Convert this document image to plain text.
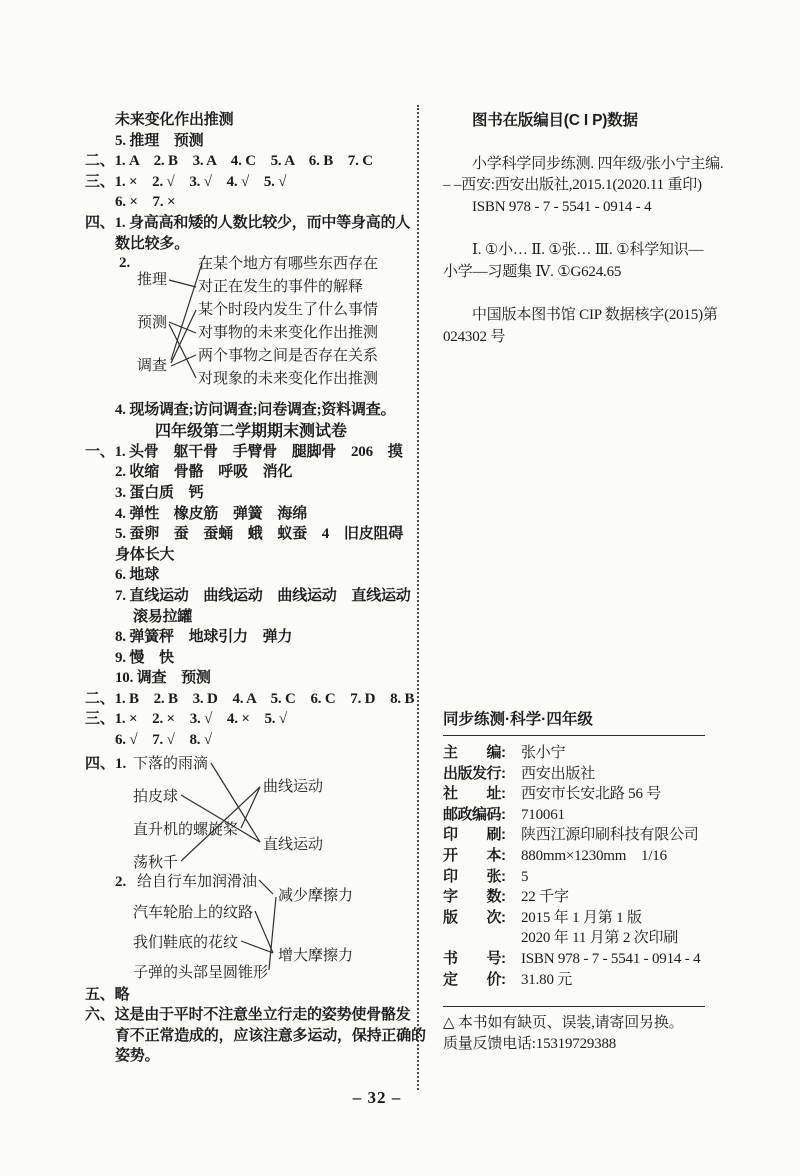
未来变化作出推测
5. 推理　预测
二、1. A　2. B　3. A　4. C　5. A　6. B　7. C
三、1. ×　2. √　3. √　4. √　5. √
6. ×　7. ×
四、1. 身高高和矮的人数比较少，而中等身高的人
数比较多。
2.
推理
预测
调查
在某个地方有哪些东西存在
对正在发生的事件的解释
某个时段内发生了什么事情
对事物的未来变化作出推测
两个事物之间是否存在关系
对现象的未来变化作出推测
4. 现场调查;访问调查;问卷调查;资料调查。
四年级第二学期期末测试卷
一、1. 头骨　躯干骨　手臂骨　腿脚骨　206　摸
2. 收缩　骨骼　呼吸　消化
3. 蛋白质　钙
4. 弹性　橡皮筋　弹簧　海绵
5. 蚕卵　蚕　蚕蛹　蛾　蚁蚕　4　旧皮阻碍
身体长大
6. 地球
7. 直线运动　曲线运动　曲线运动　直线运动
滚易拉罐
8. 弹簧秤　地球引力　弹力
9. 慢　快
10. 调查　预测
二、1. B　2. B　3. D　4. A　5. C　6. C　7. D　8. B
三、1. ×　2. ×　3. √　4. ×　5. √
6. √　7. √　8. √
四、1. 下落的雨滴
拍皮球
直升机的螺旋桨
荡秋千
曲线运动
直线运动
2. 给自行车加润滑油
汽车轮胎上的纹路
我们鞋底的花纹
子弹的头部呈圆锥形
减少摩擦力
增大摩擦力
五、略
六、这是由于平时不注意坐立行走的姿势使骨骼发
育不正常造成的，应该注意多运动，保持正确的
姿势。
图书在版编目(C I P)数据
小学科学同步练测. 四年级/张小宁主编.
– –西安:西安出版社,2015.1(2020.11 重印)
ISBN 978 - 7 - 5541 - 0914 - 4
Ⅰ. ①小… Ⅱ. ①张… Ⅲ. ①科学知识—
小学—习题集 Ⅳ. ①G624.65
中国版本图书馆 CIP 数据核字(2015)第
024302 号
同步练测·科学·四年级
主　　编:	张小宁
出版发行:	西安出版社
社　　址:	西安市长安北路 56 号
邮政编码:	710061
印　　刷:	陕西江源印刷科技有限公司
开　　本:	880mm×1230mm　1/16
印　　张:	5
字　　数:	22 千字
版　　次:	2015 年 1 月第 1 版
2020 年 11 月第 2 次印刷
书　　号:	ISBN 978 - 7 - 5541 - 0914 - 4
定　　价:	31.80 元
△ 本书如有缺页、误装,请寄回另换。
质量反馈电话:15319729388
– 32 –
